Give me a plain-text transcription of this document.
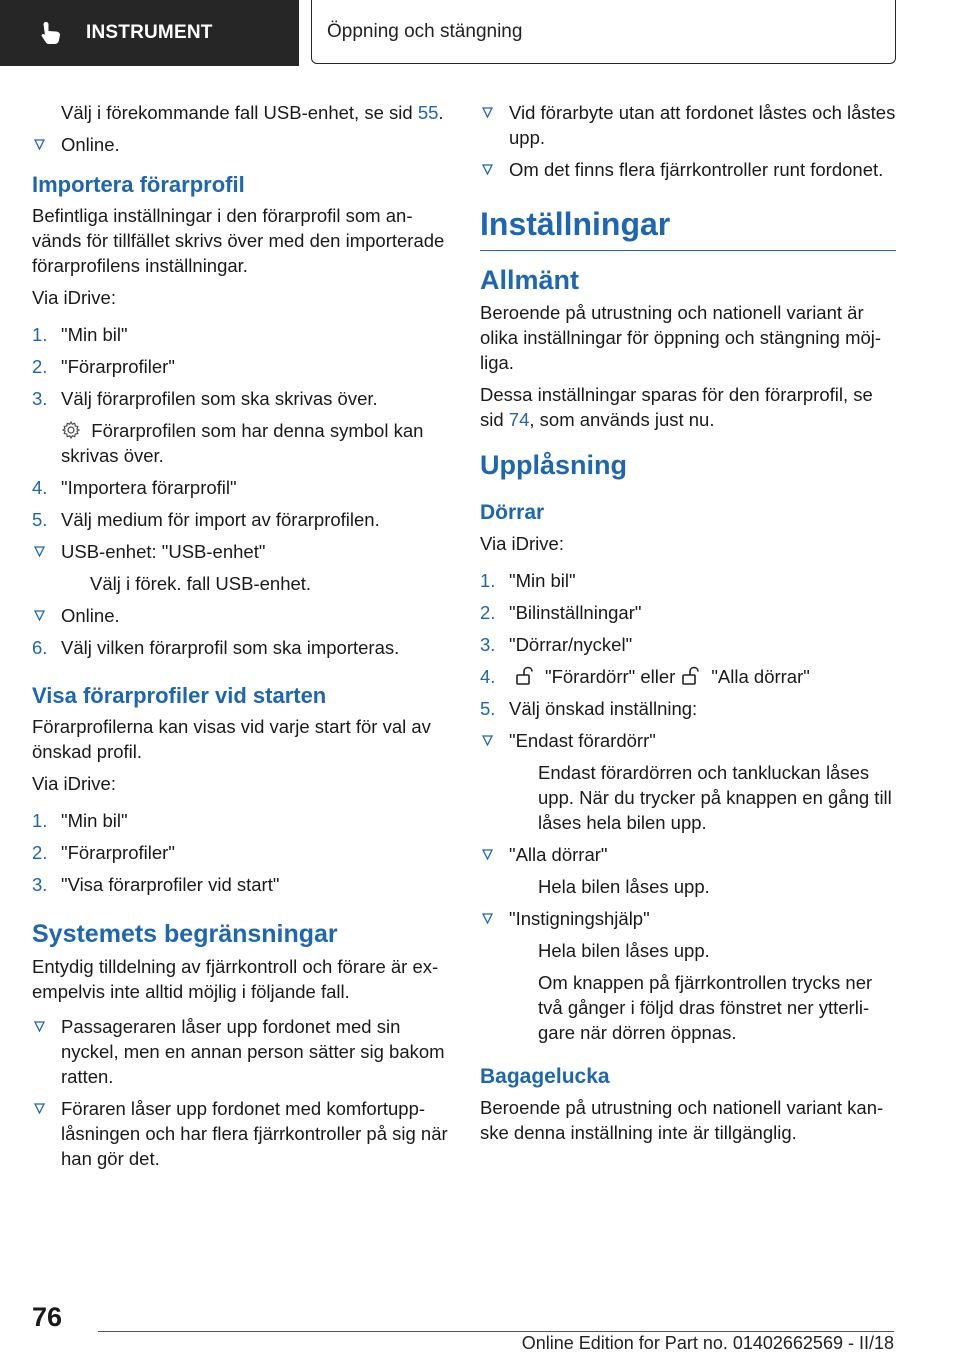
INSTRUMENT	Öppning och stängning

Välj i förekommande fall USB-enhet, se sid 55.

Online.
Importera förarprofil

Befintliga inställningar i den förarprofil som används för tillfället skrivs över med den importerade förarprofilens inställningar.

Via iDrive:

1. "Min bil"
2. "Förarprofiler"
3. Välj förarprofilen som ska skrivas över.

Förarprofilen som har denna symbol kan skrivas över.

4. "Importera förarprofil"
5. Välj medium för import av förarprofilen.
USB-enhet: "USB-enhet"

Välj i förek. fall USB-enhet.

Online.
6. Välj vilken förarprofil som ska importeras.
Visa förarprofiler vid starten

Förarprofilerna kan visas vid varje start för val av önskad profil.

Via iDrive:

1. "Min bil"
2. "Förarprofiler"
3. "Visa förarprofiler vid start"
Systemets begränsningar

Entydig tilldelning av fjärrkontroll och förare är exempelvis inte alltid möjlig i följande fall.

Passageraren låser upp fordonet med sin nyckel, men en annan person sätter sig bakom ratten.
Föraren låser upp fordonet med komfortupplåsningen och har flera fjärrkontroller på sig när han gör det.
Vid förarbyte utan att fordonet låstes och låstes upp.
Om det finns flera fjärrkontroller runt fordonet.
Inställningar
Allmänt

Beroende på utrustning och nationell variant är olika inställningar för öppning och stängning möjliga.

Dessa inställningar sparas för den förarprofil, se sid 74, som används just nu.

Upplåsning
Dörrar

Via iDrive:

1. "Min bil"
2. "Bilinställningar"
3. "Dörrar/nyckel"
4.	"Förardörr" eller "Alla dörrar"
5. Välj önskad inställning:
"Endast förardörr"

Endast förardörren och tankluckan låses upp. När du trycker på knappen en gång till låses hela bilen upp.

"Alla dörrar"

Hela bilen låses upp.

"Instigningshjälp"

Hela bilen låses upp.

Om knappen på fjärrkontrollen trycks ner två gånger i följd dras fönstret ner ytterligare när dörren öppnas.

Bagagelucka

Beroende på utrustning och nationell variant kanske denna inställning inte är tillgänglig.

76
Online Edition for Part no. 01402662569 - II/18
